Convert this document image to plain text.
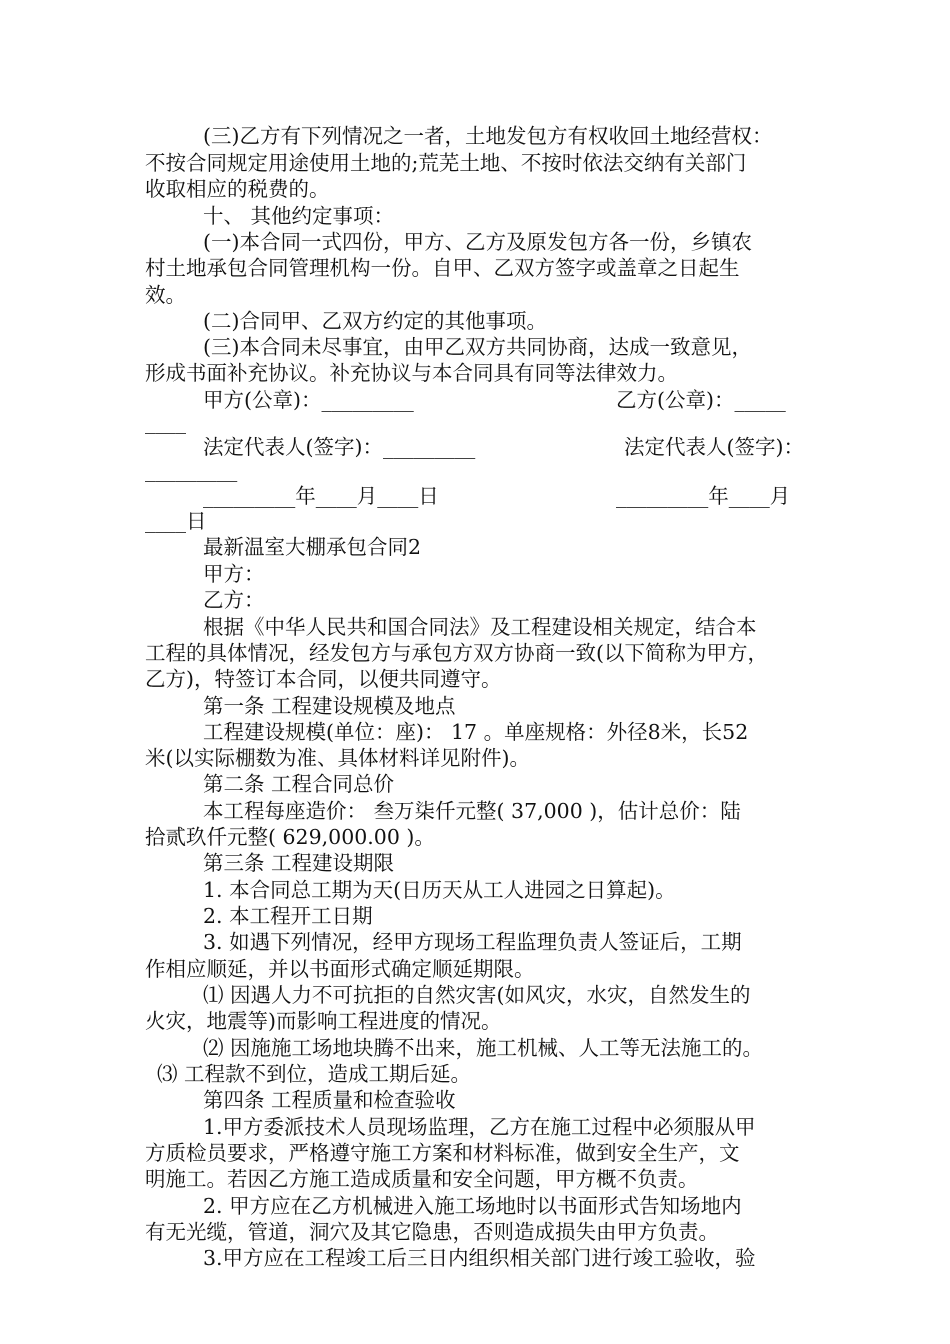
(三)乙方有下列情况之一者，土地发包方有权收回土地经营权：
不按合同规定用途使用土地的;荒芜土地、不按时依法交纳有关部门
收取相应的税费的。
十、 其他约定事项：
(一)本合同一式四份，甲方、乙方及原发包方各一份，乡镇农
村土地承包合同管理机构一份。自甲、乙双方签字或盖章之日起生
效。
(二)合同甲、乙双方约定的其他事项。
(三)本合同未尽事宜，由甲乙双方共同协商，达成一致意见，
形成书面补充协议。补充协议与本合同具有同等法律效力。
甲方(公章)：_________	乙方(公章)：_____
____
法定代表人(签字)：_________	法定代表人(签字)：
_________
_________年____月____日	_________年____月
____日
最新温室大棚承包合同2
甲方：
乙方：
根据《中华人民共和国合同法》及工程建设相关规定，结合本
工程的具体情况，经发包方与承包方双方协商一致(以下简称为甲方，
乙方)，特签订本合同，以便共同遵守。
第一条 工程建设规模及地点
工程建设规模(单位：座)： 17 。单座规格：外径8米，长52
米(以实际棚数为准、具体材料详见附件)。
第二条 工程合同总价
本工程每座造价： 叁万柒仟元整( 37,000 )，估计总价：陆
拾贰玖仟元整( 629,000.00 )。
第三条 工程建设期限
1. 本合同总工期为天(日历天从工人进园之日算起)。
2. 本工程开工日期
3. 如遇下列情况，经甲方现场工程监理负责人签证后，工期
作相应顺延，并以书面形式确定顺延期限。
⑴ 因遇人力不可抗拒的自然灾害(如风灾，水灾，自然发生的
火灾，地震等)而影响工程进度的情况。
⑵ 因施施工场地块腾不出来，施工机械、人工等无法施工的。
⑶ 工程款不到位，造成工期后延。
第四条 工程质量和检查验收
1.甲方委派技术人员现场监理，乙方在施工过程中必须服从甲
方质检员要求，严格遵守施工方案和材料标准，做到安全生产，文
明施工。若因乙方施工造成质量和安全问题，甲方概不负责。
2. 甲方应在乙方机械进入施工场地时以书面形式告知场地内
有无光缆，管道，洞穴及其它隐患，否则造成损失由甲方负责。
3.甲方应在工程竣工后三日内组织相关部门进行竣工验收，验
